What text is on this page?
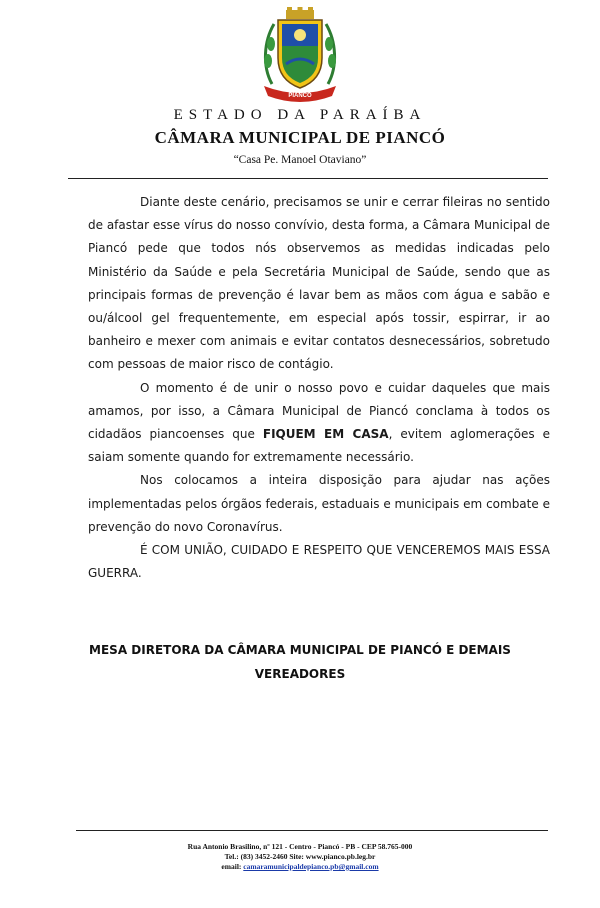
PIANCÓ
ESTADO DA PARAÍBA
CÂMARA MUNICIPAL DE PIANCÓ
“Casa Pe. Manoel Otaviano”

Diante deste cenário, precisamos se unir e cerrar fileiras no sentido de afastar esse vírus do nosso convívio, desta forma, a Câmara Municipal de Piancó pede que todos nós observemos as medidas indicadas pelo Ministério da Saúde e pela Secretária Municipal de Saúde, sendo que as principais formas de prevenção é lavar bem as mãos com água e sabão e ou/álcool gel frequentemente, em especial após tossir, espirrar, ir ao banheiro e mexer com animais e evitar contatos desnecessários, sobretudo com pessoas de maior risco de contágio.

O momento é de unir o nosso povo e cuidar daqueles que mais amamos, por isso, a Câmara Municipal de Piancó conclama à todos os cidadãos piancoenses que FIQUEM EM CASA, evitem aglomerações e saiam somente quando for extremamente necessário.

Nos colocamos a inteira disposição para ajudar nas ações implementadas pelos órgãos federais, estaduais e municipais em combate e prevenção do novo Coronavírus.

É COM UNIÃO, CUIDADO E RESPEITO QUE VENCEREMOS MAIS ESSA GUERRA.

MESA DIRETORA DA CÂMARA MUNICIPAL DE PIANCÓ E DEMAIS
VEREADORES
Rua Antonio Brasilino, nº 121 - Centro - Piancó - PB - CEP 58.765-000
Tel.: (83) 3452-2460 Site: www.pianco.pb.leg.br
email: camaramunicipaldepianco.pb@gmail.com
